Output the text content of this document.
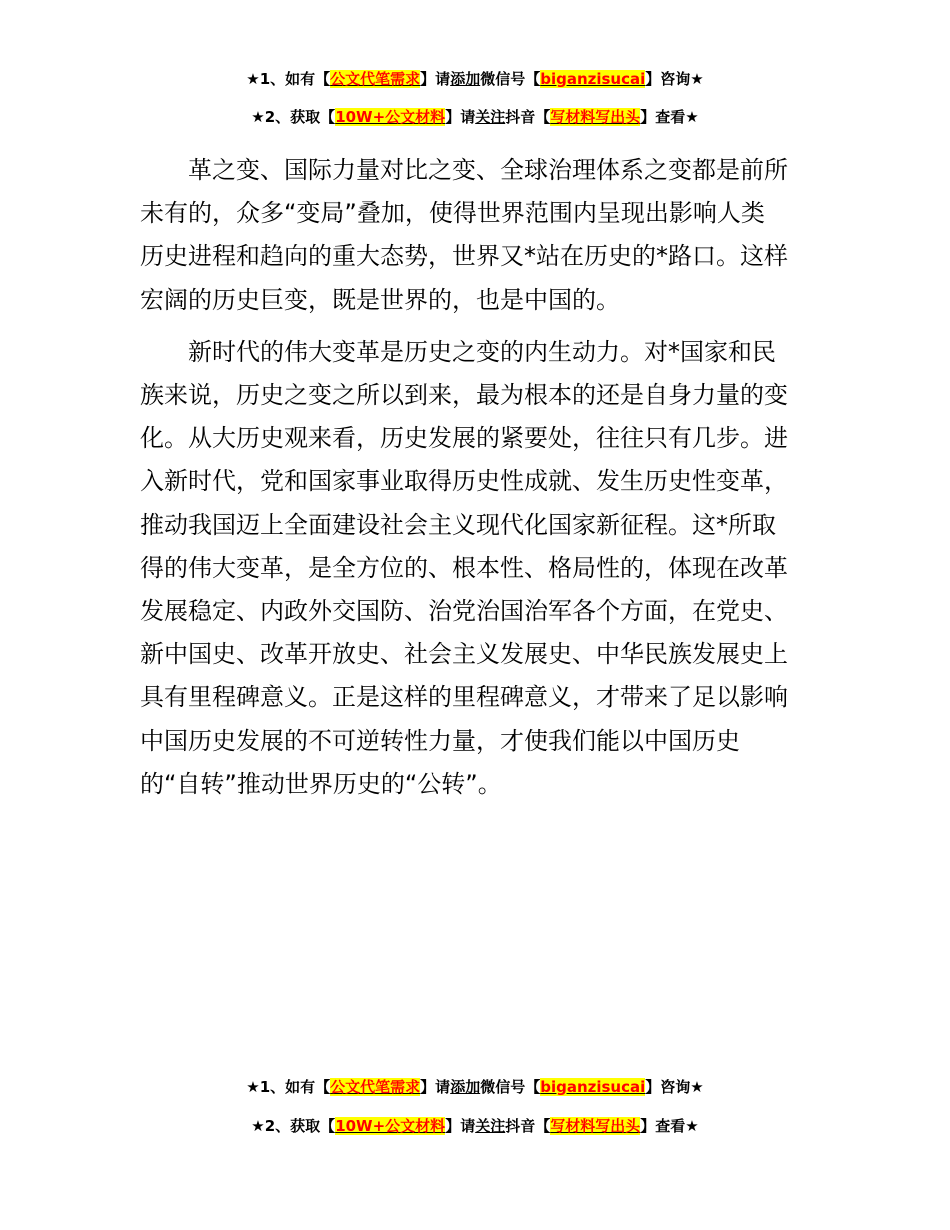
★1、如有【公文代笔需求】请添加微信号【biganzisucai】咨询★
★2、获取【10W+公文材料】请关注抖音【写材料写出头】查看★

革之变、国际力量对比之变、全球治理体系之变都是前所
未有的，众多“变局”叠加，使得世界范围内呈现出影响人类
历史进程和趋向的重大态势，世界又*站在历史的*路口。这样
宏阔的历史巨变，既是世界的，也是中国的。

新时代的伟大变革是历史之变的内生动力。对*国家和民
族来说，历史之变之所以到来，最为根本的还是自身力量的变
化。从大历史观来看，历史发展的紧要处，往往只有几步。进
入新时代，党和国家事业取得历史性成就、发生历史性变革，
推动我国迈上全面建设社会主义现代化国家新征程。这*所取
得的伟大变革，是全方位的、根本性、格局性的，体现在改革
发展稳定、内政外交国防、治党治国治军各个方面，在党史、
新中国史、改革开放史、社会主义发展史、中华民族发展史上
具有里程碑意义。正是这样的里程碑意义，才带来了足以影响
中国历史发展的不可逆转性力量，才使我们能以中国历史
的“自转”推动世界历史的“公转”。

★1、如有【公文代笔需求】请添加微信号【biganzisucai】咨询★
★2、获取【10W+公文材料】请关注抖音【写材料写出头】查看★
